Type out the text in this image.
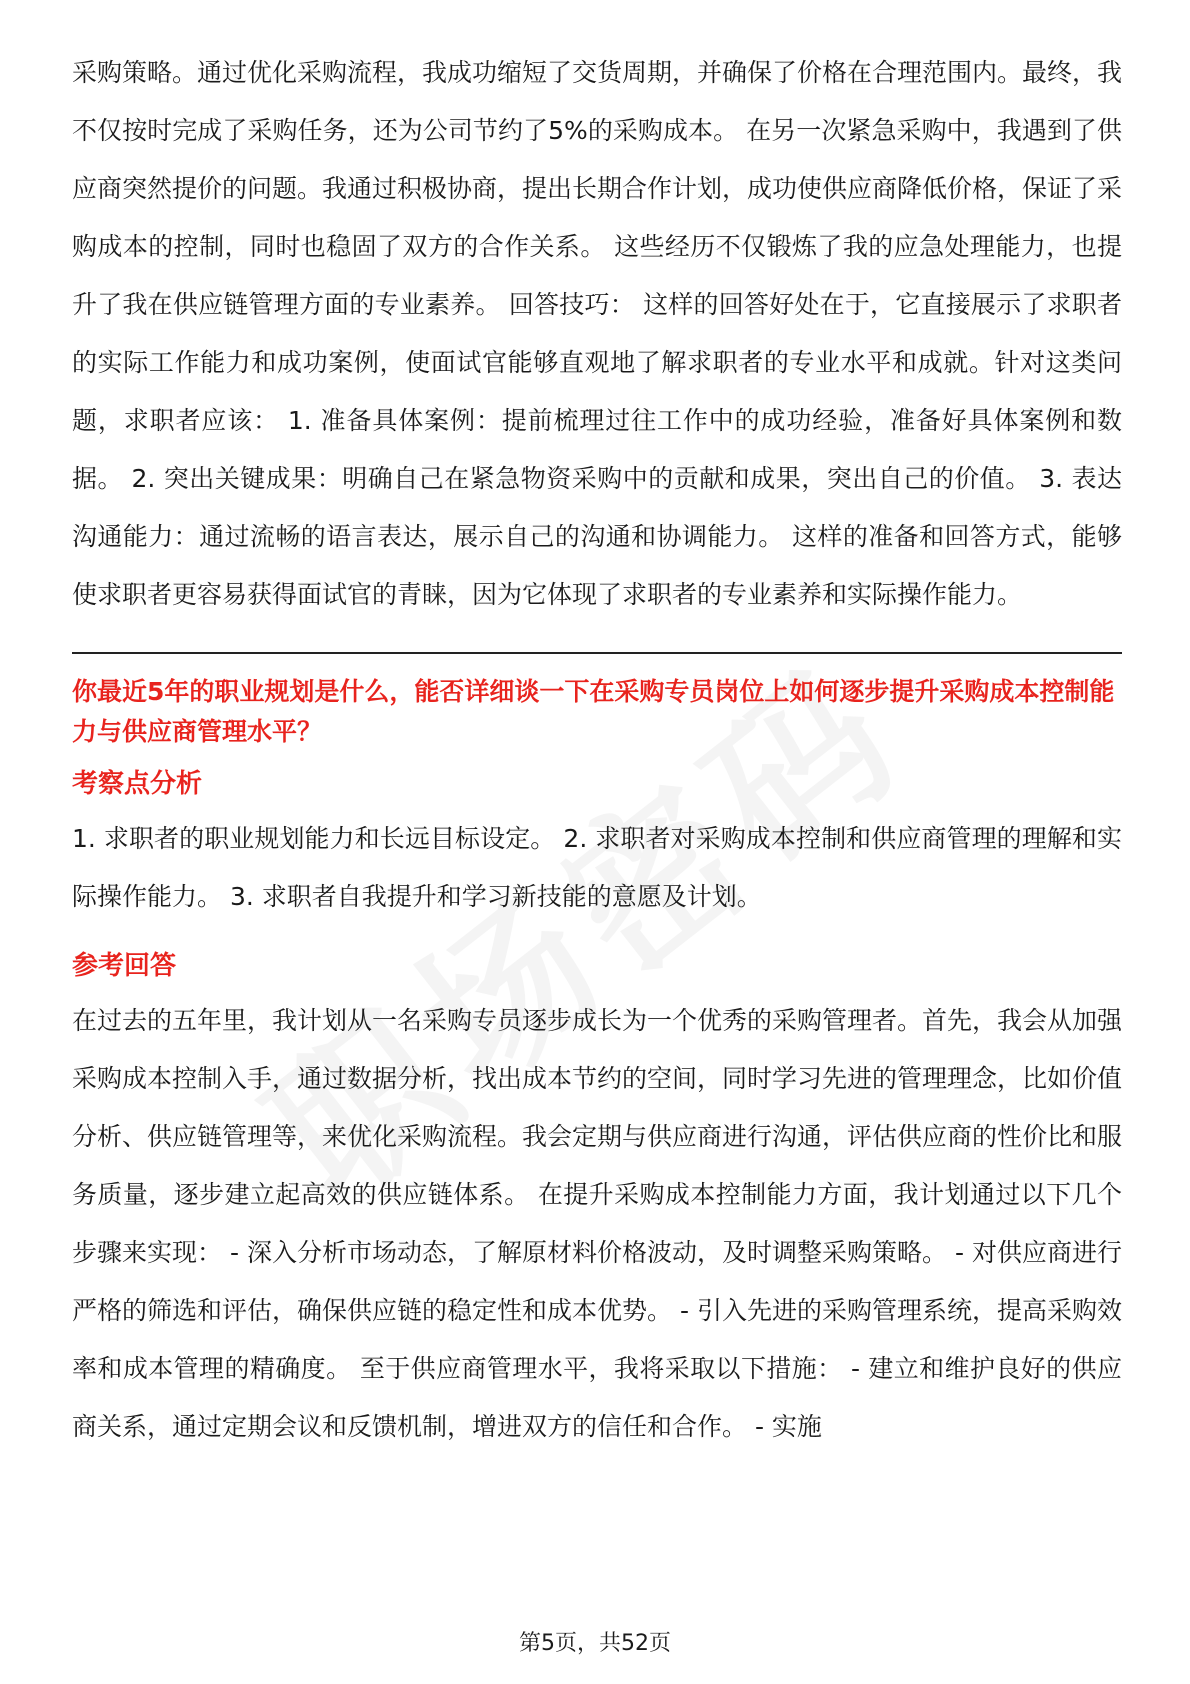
采购策略。通过优化采购流程，我成功缩短了交货周期，并确保了价格在合理范围内。最终，我不仅按时完成了采购任务，还为公司节约了5%的采购成本。 在另一次紧急采购中，我遇到了供应商突然提价的问题。我通过积极协商，提出长期合作计划，成功使供应商降低价格，保证了采购成本的控制，同时也稳固了双方的合作关系。 这些经历不仅锻炼了我的应急处理能力，也提升了我在供应链管理方面的专业素养。 回答技巧： 这样的回答好处在于，它直接展示了求职者的实际工作能力和成功案例，使面试官能够直观地了解求职者的专业水平和成就。针对这类问题，求职者应该： 1. 准备具体案例：提前梳理过往工作中的成功经验，准备好具体案例和数据。 2. 突出关键成果：明确自己在紧急物资采购中的贡献和成果，突出自己的价值。 3. 表达沟通能力：通过流畅的语言表达，展示自己的沟通和协调能力。 这样的准备和回答方式，能够使求职者更容易获得面试官的青睐，因为它体现了求职者的专业素养和实际操作能力。

你最近5年的职业规划是什么，能否详细谈一下在采购专员岗位上如何逐步提升采购成本控制能力与供应商管理水平？

考察点分析

1. 求职者的职业规划能力和长远目标设定。 2. 求职者对采购成本控制和供应商管理的理解和实际操作能力。 3. 求职者自我提升和学习新技能的意愿及计划。

参考回答

在过去的五年里，我计划从一名采购专员逐步成长为一个优秀的采购管理者。首先，我会从加强采购成本控制入手，通过数据分析，找出成本节约的空间，同时学习先进的管理理念，比如价值分析、供应链管理等，来优化采购流程。我会定期与供应商进行沟通，评估供应商的性价比和服务质量，逐步建立起高效的供应链体系。 在提升采购成本控制能力方面，我计划通过以下几个步骤来实现： - 深入分析市场动态，了解原材料价格波动，及时调整采购策略。 - 对供应商进行严格的筛选和评估，确保供应链的稳定性和成本优势。 - 引入先进的采购管理系统，提高采购效率和成本管理的精确度。 至于供应商管理水平，我将采取以下措施： - 建立和维护良好的供应商关系，通过定期会议和反馈机制，增进双方的信任和合作。 - 实施

第5页，共52页
